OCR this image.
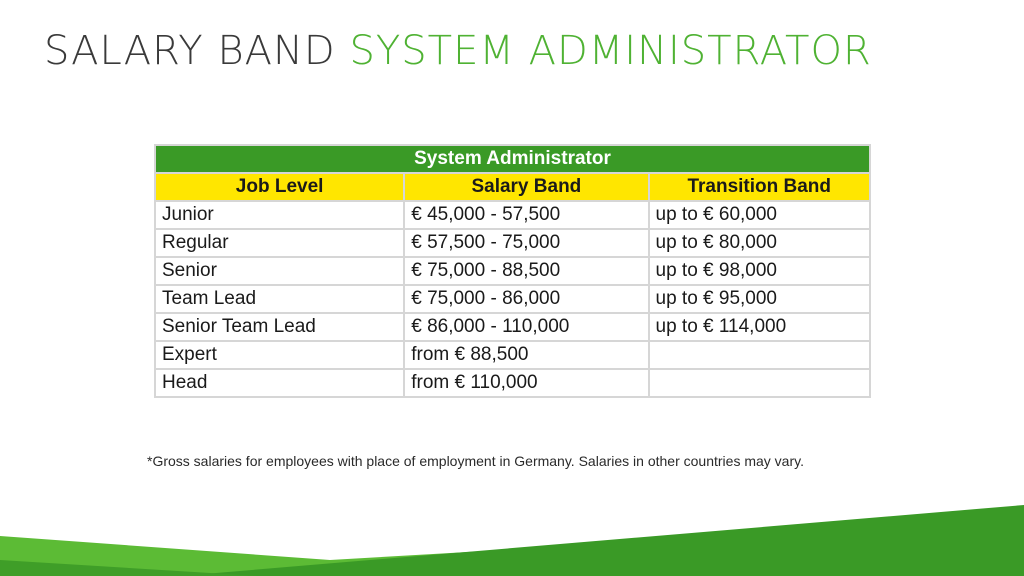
SALARY BAND SYSTEM ADMINISTRATOR
System Administrator		
Job Level	Salary Band	Transition Band
Junior	€ 45,000 - 57,500	up to € 60,000
Regular	€ 57,500 - 75,000	up to € 80,000
Senior	€ 75,000 - 88,500	up to € 98,000
Team Lead	€ 75,000 - 86,000	up to € 95,000
Senior Team Lead	€ 86,000 - 110,000	up to € 114,000
Expert	from € 88,500	
Head	from € 110,000	

*Gross salaries for employees with place of employment in Germany. Salaries in other countries may vary.
